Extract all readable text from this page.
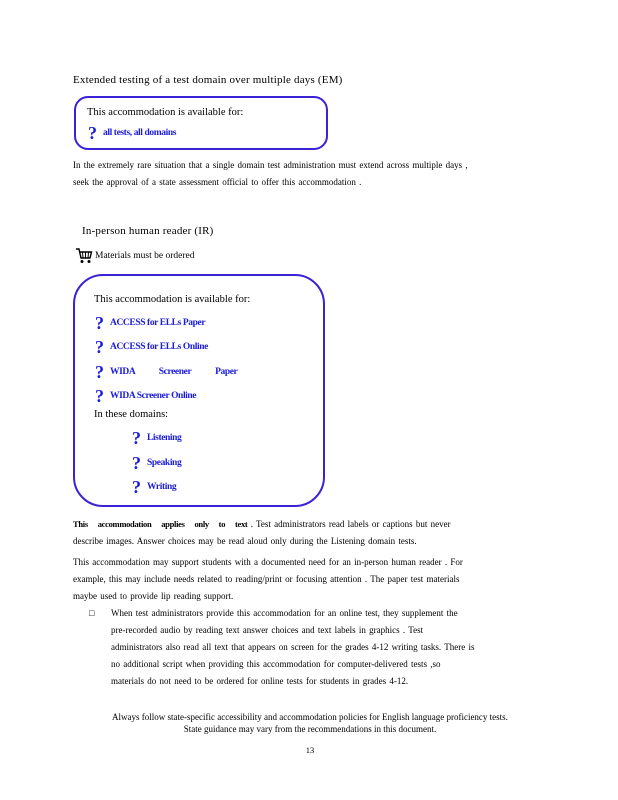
Extended testing of a test domain over multiple days (EM)
This accommodation is available for:
? all tests, all domains
In the extremely rare situation that a single domain test administration must extend across multiple days ,
seek the approval of a state assessment official to offer this accommodation .
In-person human reader (IR)
Materials must be ordered
This accommodation is available for:
? ACCESS for ELLs Paper
? ACCESS for ELLs Online
? WIDA Screener Paper
? WIDA Screener Online
In these domains:
? Listening
? Speaking
? Writing
This accommodation applies only to text . Test administrators read labels or captions but never
describe images. Answer choices may be read aloud only during the Listening domain tests.
This accommodation may support students with a documented need for an in-person human reader . For
example, this may include needs related to reading/print or focusing attention . The paper test materials
maybe used to provide lip reading support.
□ When test administrators provide this accommodation for an online test, they supplement the
pre-recorded audio by reading text answer choices and text labels in graphics . Test
administrators also read all text that appears on screen for the grades 4-12 writing tasks. There is
no additional script when providing this accommodation for computer-delivered tests ,so
materials do not need to be ordered for online tests for students in grades 4-12.
Always follow state-specific accessibility and accommodation policies for English language proficiency tests.
State guidance may vary from the recommendations in this document.
13
